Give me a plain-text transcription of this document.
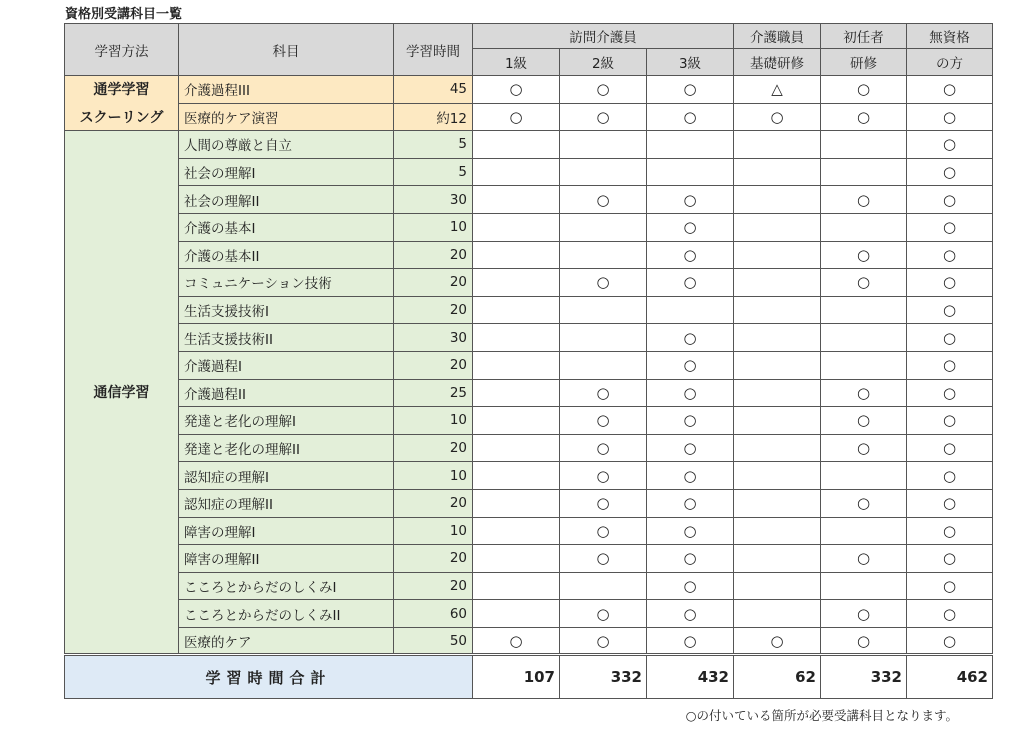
資格別受講科目一覧
学習方法	科目	学習時間	訪問介護員			介護職員	初任者	無資格
			1級	2級	3級	基礎研修	研修	の方

通学学習
スクーリング	介護過程III	45	○	○	○	△	○	○
	医療的ケア演習	約12	○	○	○	○	○	○
通信学習	人間の尊厳と自立	5						○
	社会の理解I	5						○
	社会の理解II	30		○	○		○	○
	介護の基本I	10			○			○
	介護の基本II	20			○		○	○
	コミュニケーション技術	20		○	○		○	○
	生活支援技術I	20						○
	生活支援技術II	30			○			○
	介護過程I	20			○			○
	介護過程II	25		○	○		○	○
	発達と老化の理解I	10		○	○		○	○
	発達と老化の理解II	20		○	○		○	○
	認知症の理解I	10		○	○			○
	認知症の理解II	20		○	○		○	○
	障害の理解I	10		○	○			○
	障害の理解II	20		○	○		○	○
	こころとからだのしくみI	20			○			○
	こころとからだのしくみII	60		○	○		○	○
	医療的ケア	50	○	○	○	○	○	○
学習時間合計			107	332	432	62	332	462
○の付いている箇所が必要受講科目となります。
